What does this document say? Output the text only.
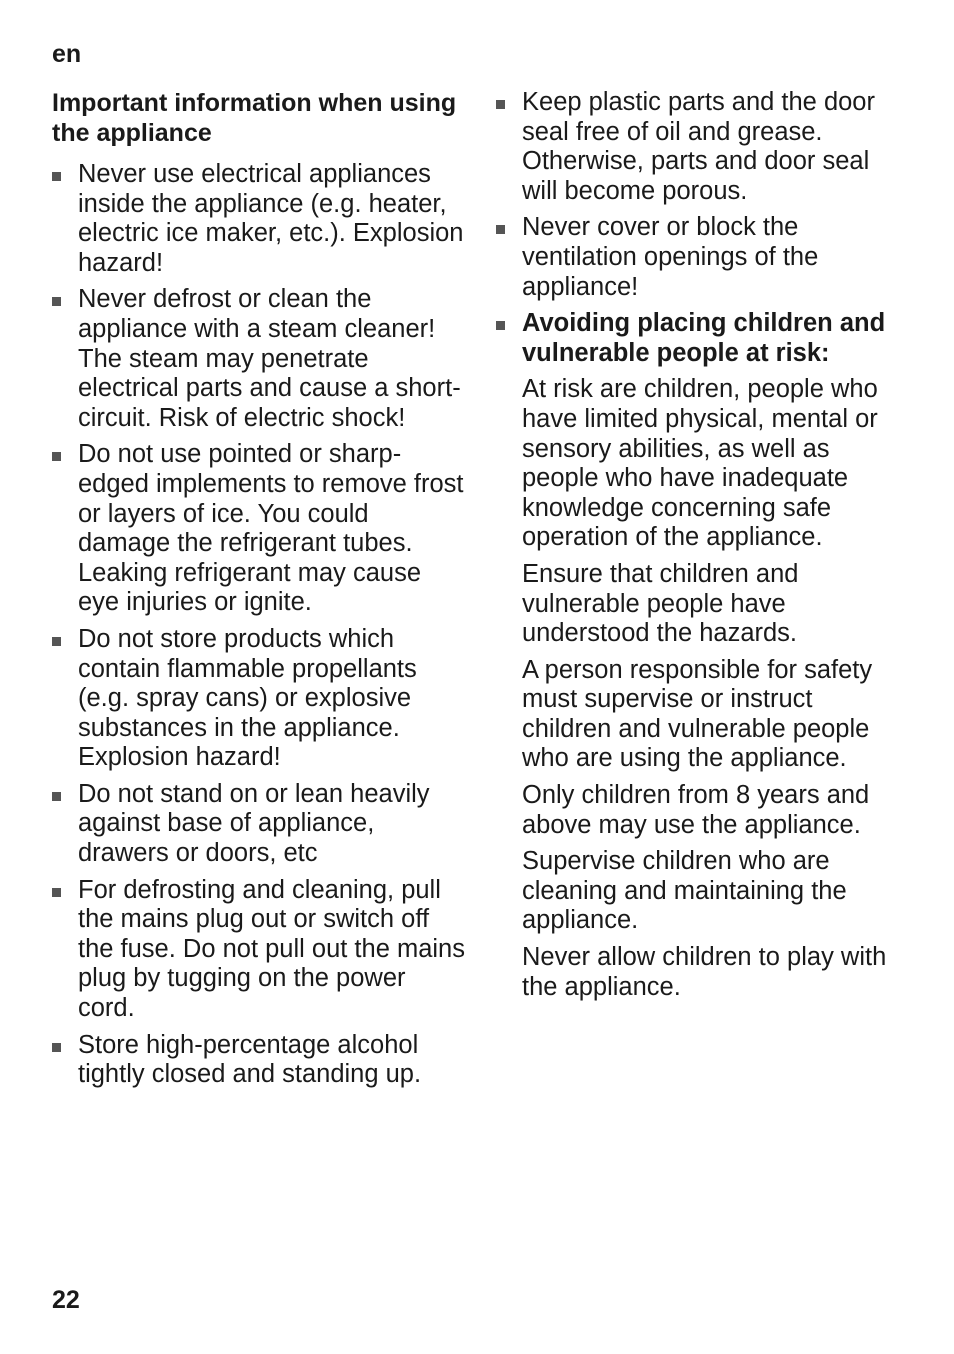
en
Important information when using the appliance
Never use electrical appliances inside the appliance (e.g. heater, electric ice maker, etc.). Explosion hazard!
Never defrost or clean the appliance with a steam cleaner! The steam may penetrate electrical parts and cause a short-circuit. Risk of electric shock!
Do not use pointed or sharp-edged implements to remove frost or layers of ice. You could damage the refrigerant tubes. Leaking refrigerant may cause eye injuries or ignite.
Do not store products which contain flammable propellants (e.g. spray cans) or explosive substances in the appliance. Explosion hazard!
Do not stand on or lean heavily against base of appliance, drawers or doors, etc
For defrosting and cleaning, pull the mains plug out or switch off the fuse. Do not pull out the mains plug by tugging on the power cord.
Store high-percentage alcohol tightly closed and standing up.
Keep plastic parts and the door seal free of oil and grease. Otherwise, parts and door seal will become porous.
Never cover or block the ventilation openings of the appliance!
Avoiding placing children and vulnerable people at risk:
At risk are children, people who have limited physical, mental or sensory abilities, as well as people who have inadequate knowledge concerning safe operation of the appliance.
Ensure that children and vulnerable people have understood the hazards.
A person responsible for safety must supervise or instruct children and vulnerable people who are using the appliance.
Only children from 8 years and above may use the appliance.
Supervise children who are cleaning and maintaining the appliance.
Never allow children to play with the appliance.
22
